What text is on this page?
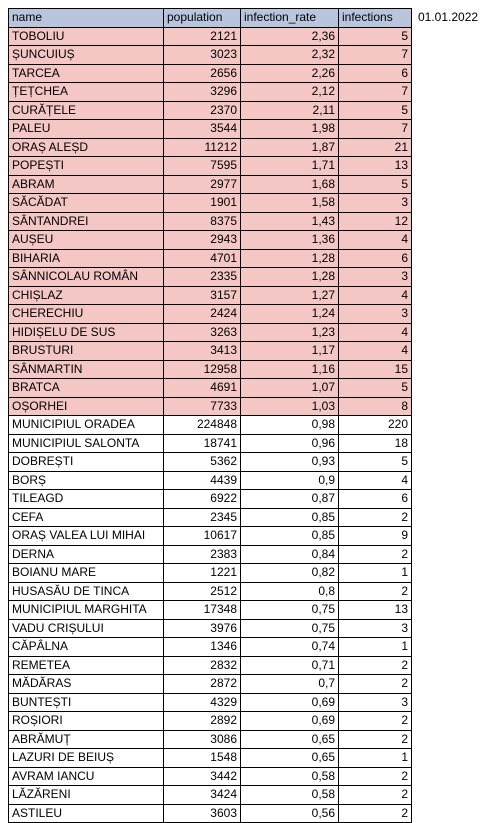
name	population	infection_rate	infections
TOBOLIU	2121	2,36	5
ȘUNCUIUȘ	3023	2,32	7
TARCEA	2656	2,26	6
ȚEȚCHEA	3296	2,12	7
CURĂȚELE	2370	2,11	5
PALEU	3544	1,98	7
ORAȘ ALEȘD	11212	1,87	21
POPEȘTI	7595	1,71	13
ABRAM	2977	1,68	5
SĂCĂDAT	1901	1,58	3
SÂNTANDREI	8375	1,43	12
AUȘEU	2943	1,36	4
BIHARIA	4701	1,28	6
SÂNNICOLAU ROMÂN	2335	1,28	3
CHIȘLAZ	3157	1,27	4
CHERECHIU	2424	1,24	3
HIDIȘELU DE SUS	3263	1,23	4
BRUSTURI	3413	1,17	4
SÂNMARTIN	12958	1,16	15
BRATCA	4691	1,07	5
OȘORHEI	7733	1,03	8
MUNICIPIUL ORADEA	224848	0,98	220
MUNICIPIUL SALONTA	18741	0,96	18
DOBREȘTI	5362	0,93	5
BORȘ	4439	0,9	4
TILEAGD	6922	0,87	6
CEFA	2345	0,85	2
ORAȘ VALEA LUI MIHAI	10617	0,85	9
DERNA	2383	0,84	2
BOIANU MARE	1221	0,82	1
HUSASĂU DE TINCA	2512	0,8	2
MUNICIPIUL MARGHITA	17348	0,75	13
VADU CRIȘULUI	3976	0,75	3
CĂPÂLNA	1346	0,74	1
REMETEA	2832	0,71	2
MĂDĂRAS	2872	0,7	2
BUNTEȘTI	4329	0,69	3
ROȘIORI	2892	0,69	2
ABRĂMUȚ	3086	0,65	2
LAZURI DE BEIUȘ	1548	0,65	1
AVRAM IANCU	3442	0,58	2
LĂZĂRENI	3424	0,58	2
ASTILEU	3603	0,56	2
01.01.2022
